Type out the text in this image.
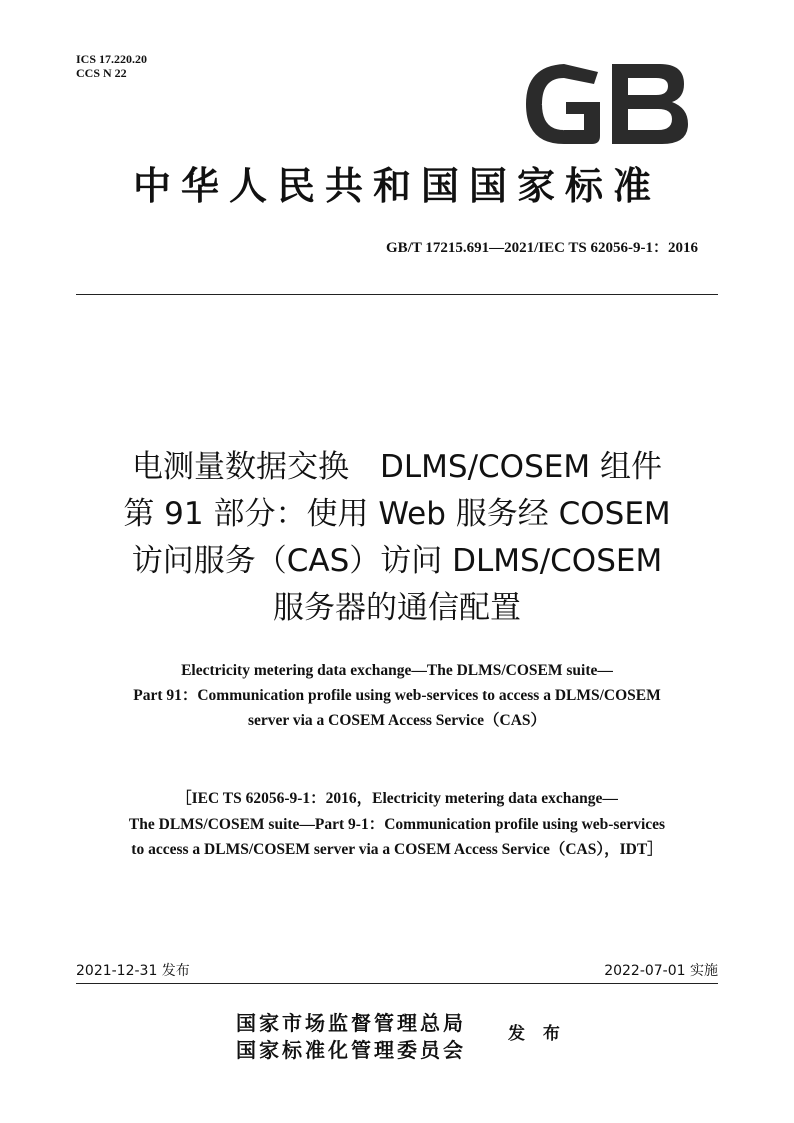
ICS 17.220.20
CCS N 22
中华人民共和国国家标准
GB/T 17215.691—2021/IEC TS 62056-9-1：2016
电测量数据交换　DLMS/COSEM 组件
第 91 部分：使用 Web 服务经 COSEM
访问服务（CAS）访问 DLMS/COSEM
服务器的通信配置
Electricity metering data exchange—The DLMS/COSEM suite—
Part 91：Communication profile using web-services to access a DLMS/COSEM
server via a COSEM Access Service（CAS）
［IEC TS 62056-9-1：2016，Electricity metering data exchange—
The DLMS/COSEM suite—Part 9-1：Communication profile using web-services
to access a DLMS/COSEM server via a COSEM Access Service（CAS），IDT］
2021-12-31 发布	2022-07-01 实施
国家市场监督管理总局
国家标准化管理委员会
发 布
